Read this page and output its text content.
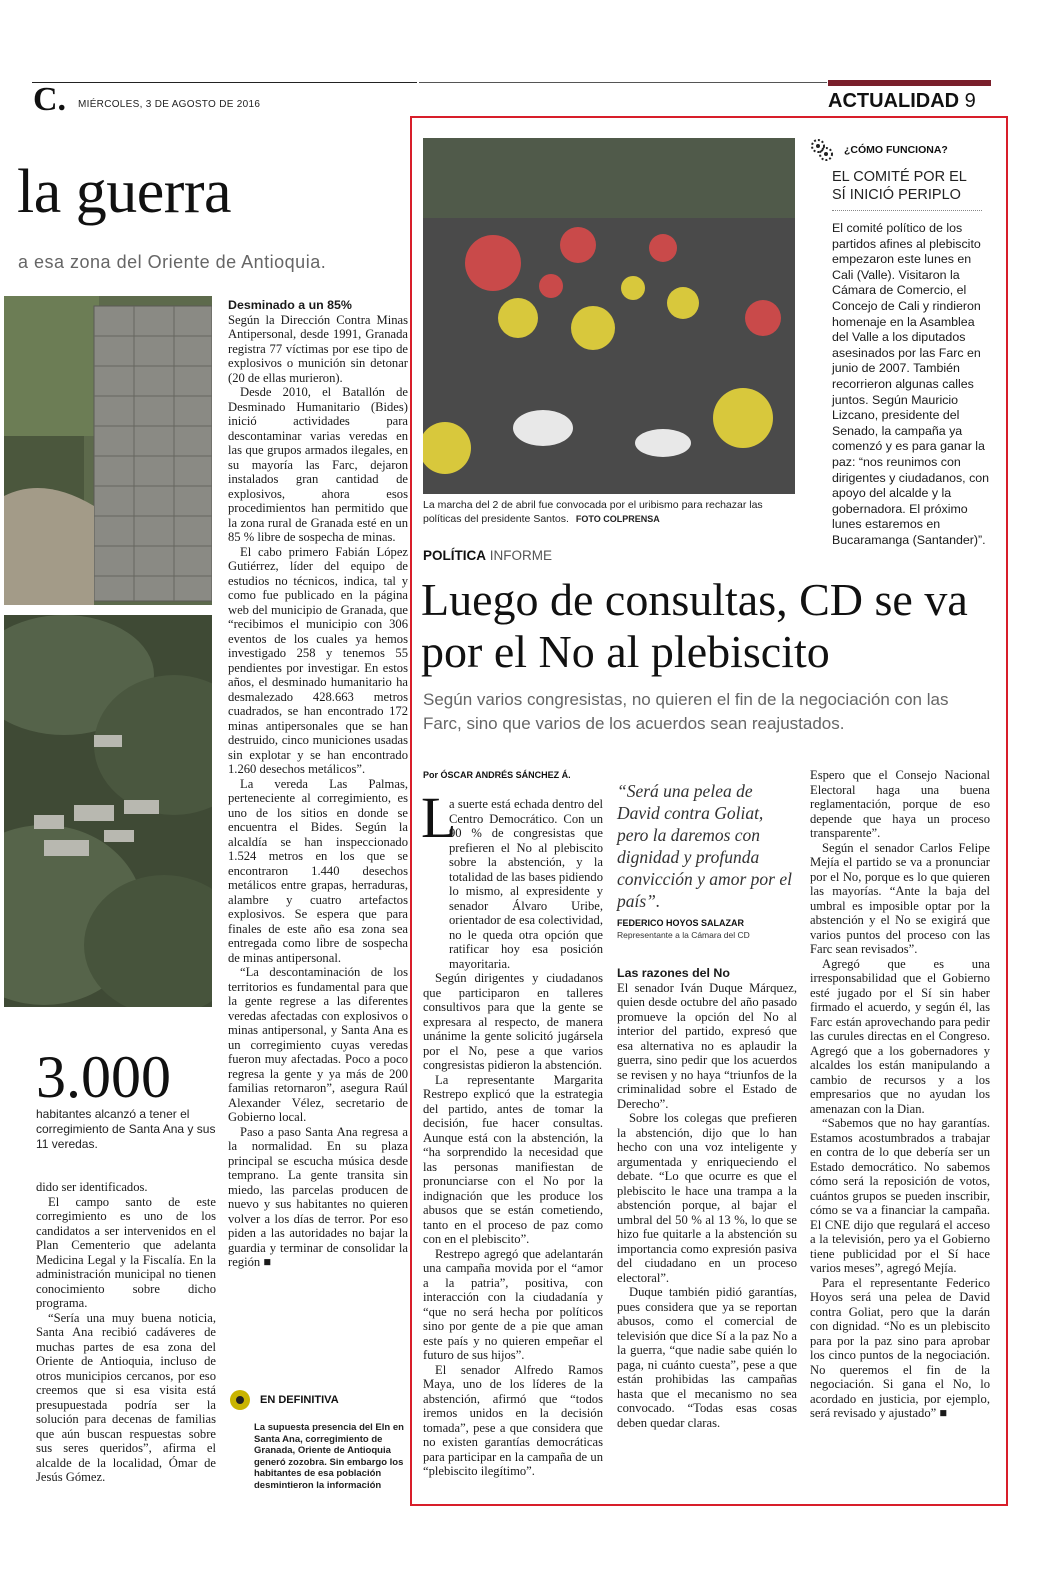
C. MIÉRCOLES, 3 DE AGOSTO DE 2016	ACTUALIDAD 9
la guerra
a esa zona del Oriente de Antioquia.
3.000
habitantes alcanzó a tener el corregimiento de Santa Ana y sus 11 veredas.

dido ser identificados.

El campo santo de este corregimiento es uno de los candidatos a ser intervenidos en el Plan Cementerio que adelanta Medicina Legal y la Fiscalía. En la administración municipal no tienen conocimiento sobre dicho programa.

“Sería una muy buena noticia, Santa Ana recibió cadáveres de muchas partes de esa zona del Oriente de Antioquia, incluso de otros municipios cercanos, por eso creemos que si esa visita está presupuestada podría ser la solución para decenas de familias que aún buscan respuestas sobre sus seres queridos”, afirma el alcalde de la localidad, Ómar de Jesús Gómez.

Desminado a un 85%

Según la Dirección Contra Minas Antipersonal, desde 1991, Granada registra 77 víctimas por ese tipo de explosivos o munición sin detonar (20 de ellas murieron).

Desde 2010, el Batallón de Desminado Humanitario (Bides) inició actividades para descontaminar varias veredas en las que grupos armados ilegales, en su mayoría las Farc, dejaron instalados gran cantidad de explosivos, ahora esos procedimientos han permitido que la zona rural de Granada esté en un 85 % libre de sospecha de minas.

El cabo primero Fabián López Gutiérrez, líder del equipo de estudios no técnicos, indica, tal y como fue publicado en la página web del municipio de Granada, que “recibimos el municipio con 306 eventos de los cuales ya hemos investigado 258 y tenemos 55 pendientes por investigar. En estos años, el desminado humanitario ha desmalezado 428.663 metros cuadrados, se han encontrado 172 minas antipersonales que se han destruido, cinco municiones usadas sin explotar y se han encontrado 1.260 desechos metálicos”.

La vereda Las Palmas, perteneciente al corregimiento, es uno de los sitios en donde se encuentra el Bides. Según la alcaldía se han inspeccionado 1.524 metros en los que se encontraron 1.440 desechos metálicos entre grapas, herraduras, alambre y cuatro artefactos explosivos. Se espera que para finales de este año esa zona sea entregada como libre de sospecha de minas antipersonal.

“La descontaminación de los territorios es fundamental para que la gente regrese a las diferentes veredas afectadas con explosivos o minas antipersonal, y Santa Ana es un corregimiento cuyas veredas fueron muy afectadas. Poco a poco regresa la gente y ya más de 200 familias retornaron”, asegura Raúl Alexander Vélez, secretario de Gobierno local.

Paso a paso Santa Ana regresa a la normalidad. En su plaza principal se escucha música desde temprano. La gente transita sin miedo, las parcelas producen de nuevo y sus habitantes no quieren volver a los días de terror. Por eso piden a las autoridades no bajar la guardia y terminar de consolidar la región ■

EN DEFINITIVA
La supuesta presencia del Eln en Santa Ana, corregimiento de Granada, Oriente de Antioquia generó zozobra. Sin embargo los habitantes de esa población desmintieron la información
La marcha del 2 de abril fue convocada por el uribismo para rechazar las políticas del presidente Santos. FOTO COLPRENSA
¿CÓMO FUNCIONA?
EL COMITÉ POR EL SÍ INICIÓ PERIPLO
El comité político de los partidos afines al plebiscito empezaron este lunes en Cali (Valle). Visitaron la Cámara de Comercio, el Concejo de Cali y rindieron homenaje en la Asamblea del Valle a los diputados asesinados por las Farc en junio de 2007. También recorrieron algunas calles juntos. Según Mauricio Lizcano, presidente del Senado, la campaña ya comenzó y es para ganar la paz: “nos reunimos con dirigentes y ciudadanos, con apoyo del alcalde y la gobernadora. El próximo lunes estaremos en Bucaramanga (Santander)”.
POLÍTICA INFORME
Luego de consultas, CD se va por el No al plebiscito
Según varios congresistas, no quieren el fin de la negociación con las Farc, sino que varios de los acuerdos sean reajustados.
Por ÓSCAR ANDRÉS SÁNCHEZ Á.
L

a suerte está echada dentro del Centro Democrático. Con un 90 % de congresistas que prefieren el No al plebiscito sobre la abstención, y la totalidad de las bases pidiendo lo mismo, al expresidente y senador Álvaro Uribe, orientador de esa colectividad, no le queda otra opción que ratificar hoy esa posición mayoritaria.

Según dirigentes y ciudadanos que participaron en talleres consultivos para que la gente se expresara al respecto, de manera unánime la gente solicitó jugársela por el No, pese a que varios congresistas pidieron la abstención.

La representante Margarita Restrepo explicó que la estrategia del partido, antes de tomar la decisión, fue hacer consultas. Aunque está con la abstención, la “ha sorprendido la necesidad que las personas manifiestan de pronunciarse con el No por la indignación que les produce los abusos que se están cometiendo, tanto en el proceso de paz como con en el plebiscito”.

Restrepo agregó que adelantarán una campaña movida por el “amor a la patria”, positiva, con interacción con la ciudadanía y “que no será hecha por políticos sino por gente de a pie que aman este país y no quieren empeñar el futuro de sus hijos”.

El senador Alfredo Ramos Maya, uno de los líderes de la abstención, afirmó que “todos iremos unidos en la decisión tomada”, pese a que considera que no existen garantías democráticas para participar en la campaña de un “plebiscito ilegítimo”.

“Será una pelea de David contra Goliat, pero la daremos con dignidad y profunda convicción y amor por el país”.
FEDERICO HOYOS SALAZAR
Representante a la Cámara del CD

Las razones del No

El senador Iván Duque Márquez, quien desde octubre del año pasado promueve la opción del No al interior del partido, expresó que esa alternativa no es aplaudir la guerra, sino pedir que los acuerdos se revisen y no haya “triunfos de la criminalidad sobre el Estado de Derecho”.

Sobre los colegas que prefieren la abstención, dijo que lo han hecho con una voz inteligente y argumentada y enriqueciendo el debate. “Lo que ocurre es que el plebiscito le hace una trampa a la abstención porque, al bajar el umbral del 50 % al 13 %, lo que se hizo fue quitarle a la abstención su importancia como expresión pasiva del ciudadano en un proceso electoral”.

Duque también pidió garantías, pues considera que ya se reportan abusos, como el comercial de televisión que dice Sí a la paz No a la guerra, “que nadie sabe quién lo paga, ni cuánto cuesta”, pese a que están prohibidas las campañas hasta que el mecanismo no sea convocado. “Todas esas cosas deben quedar claras.

Espero que el Consejo Nacional Electoral haga una buena reglamentación, porque de eso depende que haya un proceso transparente”.

Según el senador Carlos Felipe Mejía el partido se va a pronunciar por el No, porque es lo que quieren las mayorías. “Ante la baja del umbral es imposible optar por la abstención y el No se exigirá que varios puntos del proceso con las Farc sean revisados”.

Agregó que es una irresponsabilidad que el Gobierno esté jugado por el Sí sin haber firmado el acuerdo, y según él, las Farc están aprovechando para pedir las curules directas en el Congreso. Agregó que a los gobernadores y alcaldes los están manipulando a cambio de recursos y a los empresarios que no ayudan los amenazan con la Dian.

“Sabemos que no hay garantías. Estamos acostumbrados a trabajar en contra de lo que debería ser un Estado democrático. No sabemos cómo será la reposición de votos, cuántos grupos se pueden inscribir, cómo se va a financiar la campaña. El CNE dijo que regulará el acceso a la televisión, pero ya el Gobierno tiene publicidad por el Sí hace varios meses”, agregó Mejía.

Para el representante Federico Hoyos será una pelea de David contra Goliat, pero que la darán con dignidad. “No es un plebiscito para por la paz sino para aprobar los cinco puntos de la negociación. No queremos el fin de la negociación. Si gana el No, lo acordado en justicia, por ejemplo, será revisado y ajustado” ■
